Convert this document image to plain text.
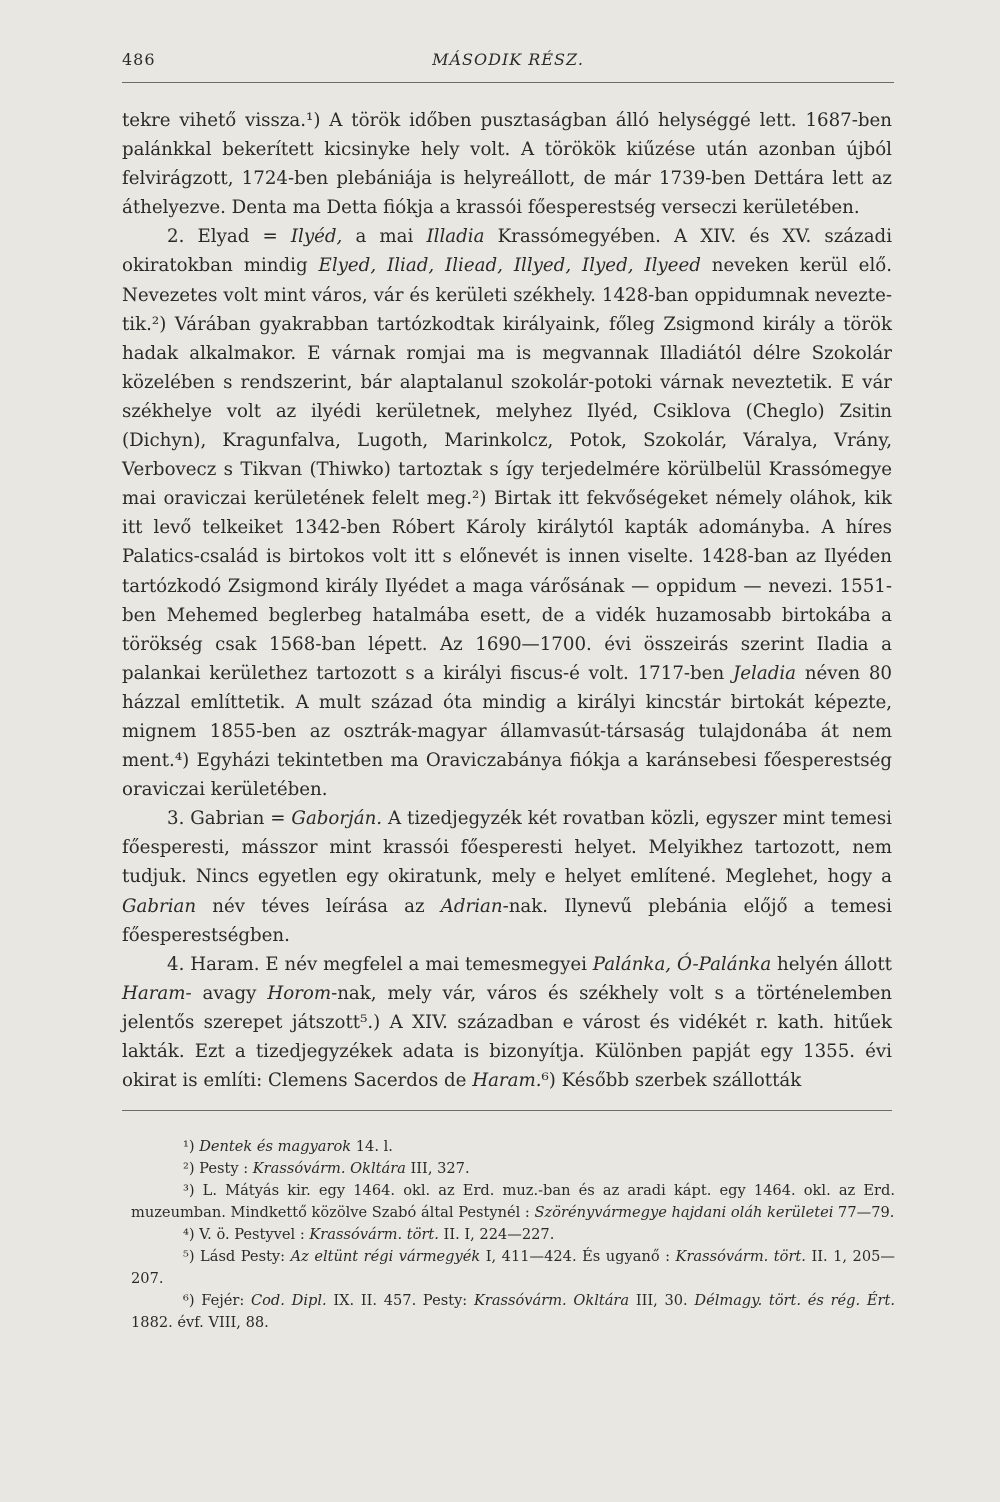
486	MÁSODIK RÉSZ.

tekre vihető vissza.¹) A török időben pusztaságban álló helységgé lett. 1687-ben palánkkal bekerített kicsinyke hely volt. A törökök kiűzése után azonban újból felvirágzott, 1724-ben plebániája is helyreállott, de már 1739-ben Dettára lett az áthelyezve. Denta ma Detta fiókja a krassói főesperestség verseczi kerületében.

2. Elyad = Ilyéd, a mai Illadia Krassómegyében. A XIV. és XV. századi okiratokban mindig Elyed, Iliad, Iliead, Illyed, Ilyed, Ilyeed neveken kerül elő. Nevezetes volt mint város, vár és kerületi székhely. 1428-ban oppidumnak neveztetik.²) Várában gyakrabban tartózkodtak királyaink, főleg Zsigmond király a török hadak alkalmakor. E várnak romjai ma is megvannak Illadiától délre Szokolár közelében s rendszerint, bár alaptalanul szokolár-potoki várnak neveztetik. E vár székhelye volt az ilyédi kerületnek, melyhez Ilyéd, Csiklova (Cheglo) Zsitin (Dichyn), Kragunfalva, Lugoth, Marinkolcz, Potok, Szokolár, Váralya, Vrány, Verbovecz s Tikvan (Thiwko) tartoztak s így terjedelmére körülbelül Krassómegye mai oraviczai kerületének felelt meg.²) Birtak itt fekvőségeket némely oláhok, kik itt levő telkeiket 1342-ben Róbert Károly királytól kapták adományba. A híres Palatics-család is birtokos volt itt s előnevét is innen viselte. 1428-ban az Ilyéden tartózkodó Zsigmond király Ilyédet a maga várősának — oppidum — nevezi. 1551-ben Mehemed beglerbeg hatalmába esett, de a vidék huzamosabb birtokába a törökség csak 1568-ban lépett. Az 1690—1700. évi összeirás szerint Iladia a palankai kerülethez tartozott s a királyi fiscus-é volt. 1717-ben Jeladia néven 80 házzal említtetik. A mult század óta mindig a királyi kincstár birtokát képezte, mignem 1855-ben az osztrák-magyar államvasút-társaság tulajdonába át nem ment.⁴) Egyházi tekintetben ma Oraviczabánya fiókja a karánsebesi főesperestség oraviczai kerületében.

3. Gabrian = Gaborján. A tizedjegyzék két rovatban közli, egyszer mint temesi főesperesti, másszor mint krassói főesperesti helyet. Melyikhez tartozott, nem tudjuk. Nincs egyetlen egy okiratunk, mely e helyet említené. Meglehet, hogy a Gabrian név téves leírása az Adrian-nak. Ilynevű plebánia előjő a temesi főesperestségben.

4. Haram. E név megfelel a mai temesmegyei Palánka, Ó-Palánka helyén állott Haram- avagy Horom-nak, mely vár, város és székhely volt s a történelemben jelentős szerepet játszott⁵.) A XIV. században e várost és vidékét r. kath. hitűek lakták. Ezt a tizedjegyzékek adata is bizonyítja. Különben papját egy 1355. évi okirat is említi: Clemens Sacerdos de Haram.⁶) Később szerbek szállották

¹) Dentek és magyarok 14. l.

²) Pesty : Krassóvárm. Okltára III, 327.

³) L. Mátyás kir. egy 1464. okl. az Erd. muz.-ban és az aradi kápt. egy 1464. okl. az Erd. muzeumban. Mindkettő közölve Szabó által Pestynél : Szörényvármegye hajdani oláh kerületei 77—79.

⁴) V. ö. Pestyvel : Krassóvárm. tört. II. I, 224—227.

⁵) Lásd Pesty: Az eltünt régi vármegyék I, 411—424. És ugyanő : Krassóvárm. tört. II. 1, 205—207.

⁶) Fejér: Cod. Dipl. IX. II. 457. Pesty: Krassóvárm. Okltára III, 30. Délmagy. tört. és rég. Ért. 1882. évf. VIII, 88.
